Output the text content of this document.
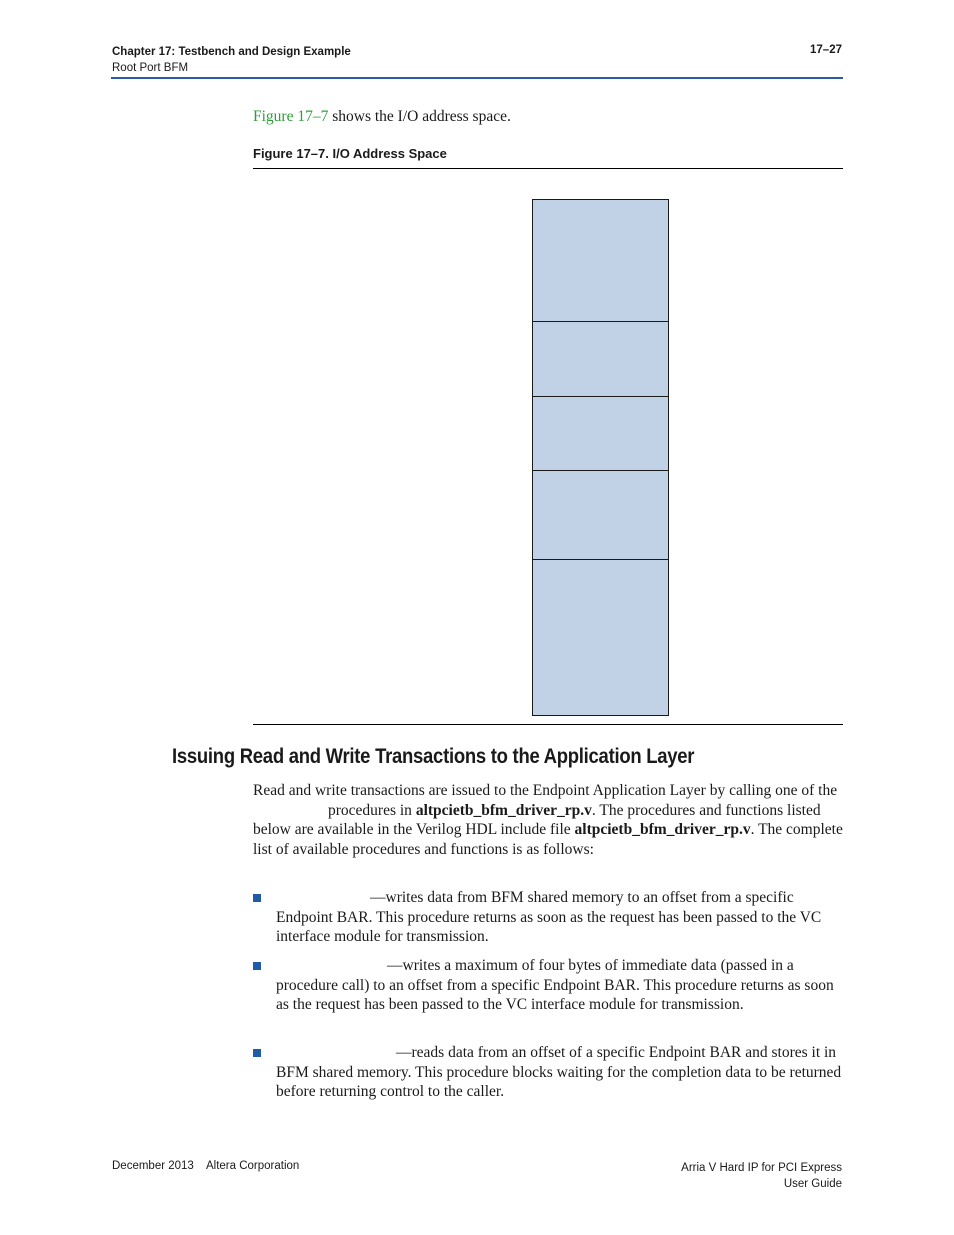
Chapter 17: Testbench and Design Example
Root Port BFM
17–27
Figure 17–7 shows the I/O address space.
Figure 17–7. I/O Address Space
Issuing Read and Write Transactions to the Application Layer

Read and write transactions are issued to the Endpoint Application Layer by calling one of theprocedures in altpcietb_bfm_driver_rp.v. The procedures and functions listed below are available in the Verilog HDL include file altpcietb_bfm_driver_rp.v. The complete list of available procedures and functions is as follows:

—writes data from BFM shared memory to an offset from a specific Endpoint BAR. This procedure returns as soon as the request has been passed to the VC interface module for transmission.
—writes a maximum of four bytes of immediate data (passed in a procedure call) to an offset from a specific Endpoint BAR. This procedure returns as soon as the request has been passed to the VC interface module for transmission.
—reads data from an offset of a specific Endpoint BAR and stores it in BFM shared memory. This procedure blocks waiting for the completion data to be returned before returning control to the caller.
December 2013    Altera Corporation	Arria V Hard IP for PCI Express
User Guide
